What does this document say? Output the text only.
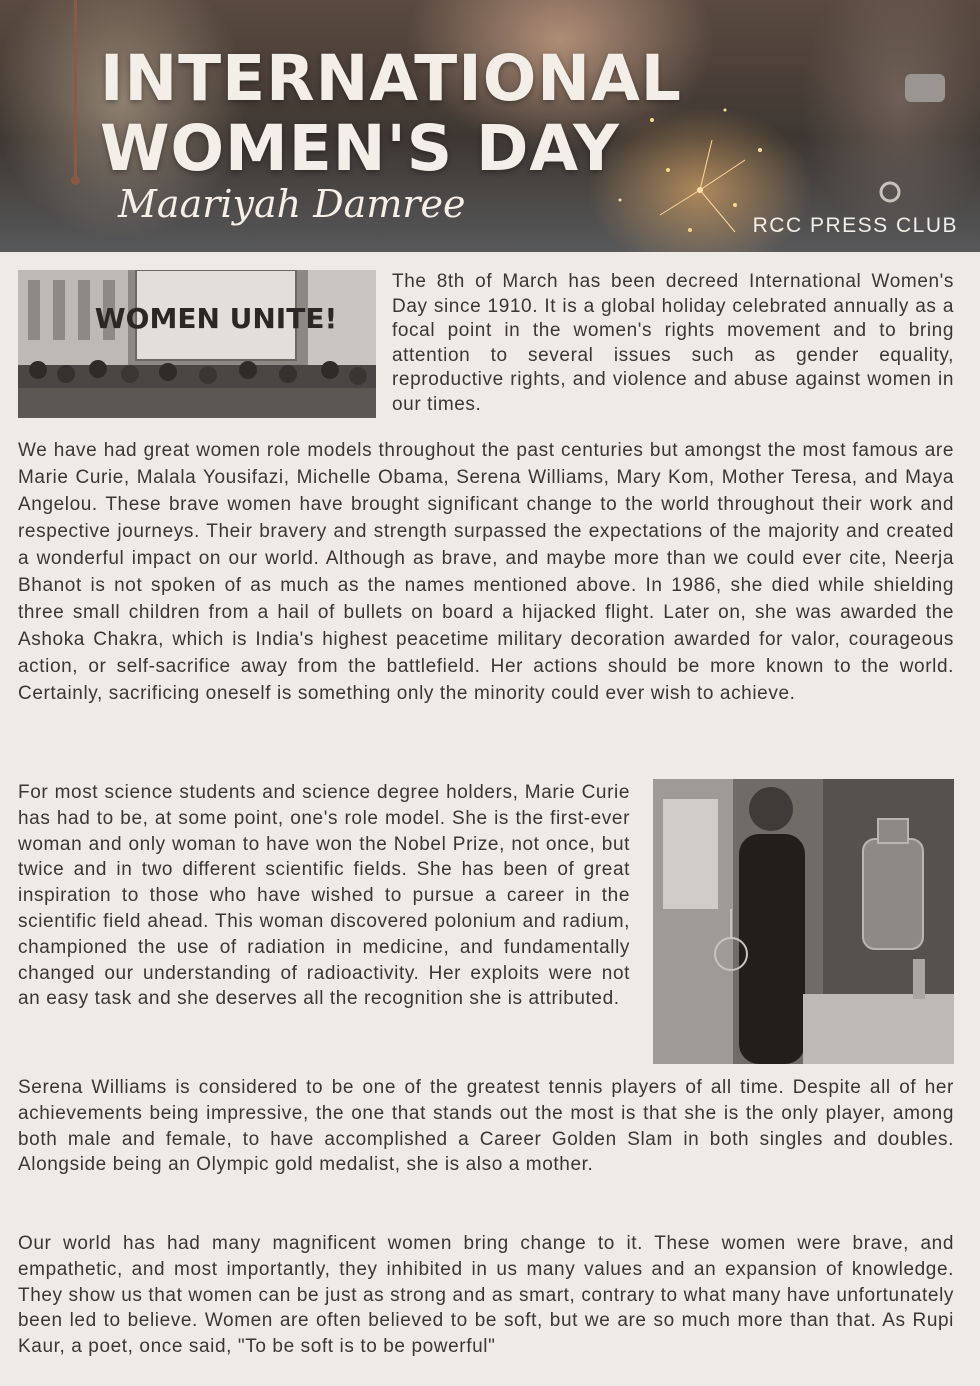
INTERNATIONAL
WOMEN'S DAY
Maariyah Damree	RCC PRESS CLUB
WOMEN UNITE!

The 8th of March has been decreed International Women's Day since 1910. It is a global holiday celebrated annually as a focal point in the women's rights movement and to bring attention to several issues such as gender equality, reproductive rights, and violence and abuse against women in our times.

We have had great women role models throughout the past centuries but amongst the most famous are Marie Curie, Malala Yousifazi, Michelle Obama, Serena Williams, Mary Kom, Mother Teresa, and Maya Angelou. These brave women have brought significant change to the world throughout their work and respective journeys. Their bravery and strength surpassed the expectations of the majority and created a wonderful impact on our world. Although as brave, and maybe more than we could ever cite, Neerja Bhanot is not spoken of as much as the names mentioned above. In 1986, she died while shielding three small children from a hail of bullets on board a hijacked flight. Later on, she was awarded the Ashoka Chakra, which is India's highest peacetime military decoration awarded for valor, courageous action, or self-sacrifice away from the battlefield. Her actions should be more known to the world. Certainly, sacrificing oneself is something only the minority could ever wish to achieve.

For most science students and science degree holders, Marie Curie has had to be, at some point, one's role model. She is the first-ever woman and only woman to have won the Nobel Prize, not once, but twice and in two different scientific fields. She has been of great inspiration to those who have wished to pursue a career in the scientific field ahead. This woman discovered polonium and radium, championed the use of radiation in medicine, and fundamentally changed our understanding of radioactivity. Her exploits were not an easy task and she deserves all the recognition she is attributed.

Serena Williams is considered to be one of the greatest tennis players of all time. Despite all of her achievements being impressive, the one that stands out the most is that she is the only player, among both male and female, to have accomplished a Career Golden Slam in both singles and doubles. Alongside being an Olympic gold medalist, she is also a mother.

Our world has had many magnificent women bring change to it. These women were brave, and empathetic, and most importantly, they inhibited in us many values and an expansion of knowledge. They show us that women can be just as strong and as smart, contrary to what many have unfortunately been led to believe. Women are often believed to be soft, but we are so much more than that. As Rupi Kaur, a poet, once said, "To be soft is to be powerful"
